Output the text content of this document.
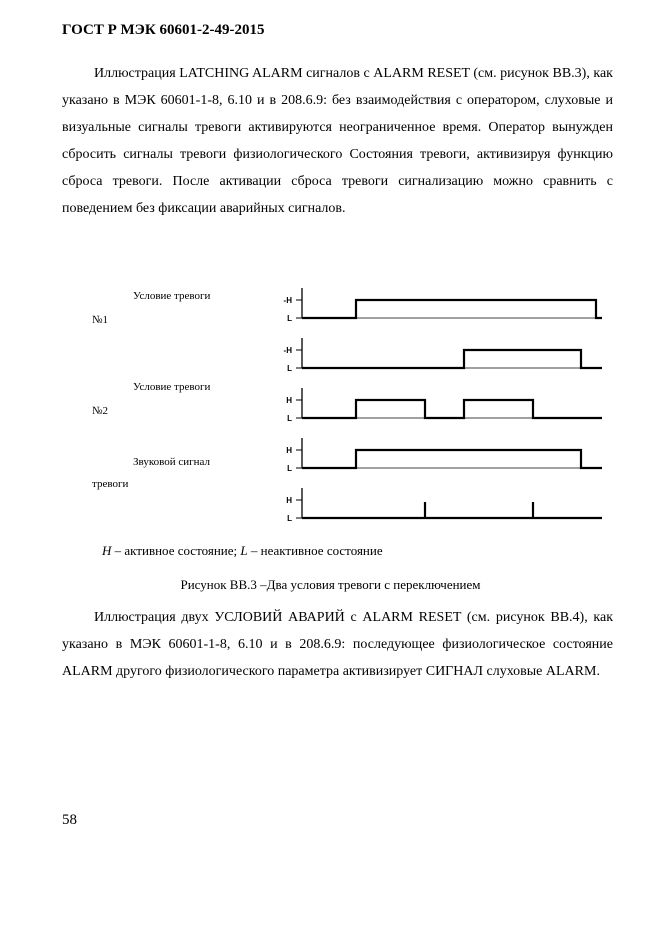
ГОСТ Р МЭК 60601-2-49-2015

Иллюстрация LATCHING ALARM сигналов с ALARM RESET (см. рисунок ВВ.3), как указано в МЭК 60601-1-8, 6.10 и в 208.6.9: без взаимодействия с оператором, слуховые и визуальные сигналы тревоги активируются неограниченное время. Оператор вынужден сбросить сигналы тревоги физиологического Состояния тревоги, активизируя функцию сброса тревоги. После активации сброса тревоги сигнализацию можно сравнить с поведением без фиксации аварийных сигналов.

Условие тревоги
№1
Условие тревоги
№2
Звуковой сигнал
тревоги
-H
L
-H
L
H
L
H
L
H
L
H – активное состояние; L – неактивное состояние
Рисунок ВВ.3 –Два условия тревоги с переключением

Иллюстрация двух УСЛОВИЙ АВАРИЙ с ALARM RESET (см. рисунок ВВ.4), как указано в МЭК 60601-1-8, 6.10 и в 208.6.9: последующее физиологическое состояние ALARM другого физиологического параметра активизирует СИГНАЛ слуховые ALARM.

58
